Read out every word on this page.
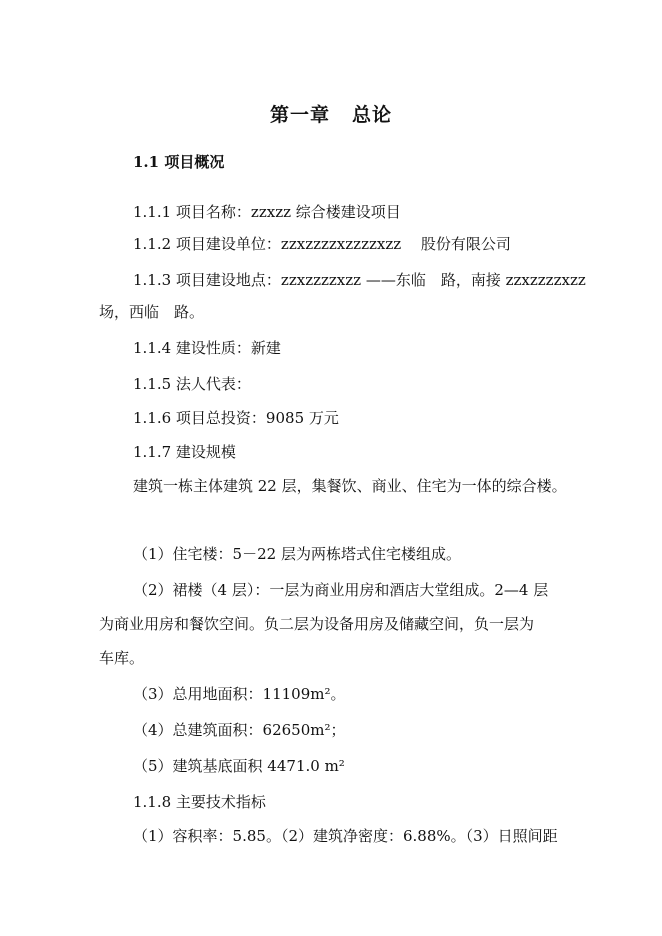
第一章 总论
1.1 项目概况
1.1.1 项目名称：zzxzz 综合楼建设项目
1.1.2 项目建设单位：zzxzzzzxzzzzxzz　 股份有限公司
1.1.3 项目建设地点：zzxzzzzxzz ——东临　路，南接 zzxzzzzxzz
场，西临　路。
1.1.4 建设性质：新建
1.1.5 法人代表：
1.1.6 项目总投资：9085 万元
1.1.7 建设规模
建筑一栋主体建筑 22 层，集餐饮、商业、住宅为一体的综合楼。
（1）住宅楼：5－22 层为两栋塔式住宅楼组成。
（2）裙楼（4 层）：一层为商业用房和酒店大堂组成。2—4 层
为商业用房和餐饮空间。负二层为设备用房及储藏空间，负一层为
车库。
（3）总用地面积：11109m²。
（4）总建筑面积：62650m²；
（5）建筑基底面积 4471.0 m²
1.1.8 主要技术指标
（1）容积率：5.85。（2）建筑净密度：6.88%。（3）日照间距
